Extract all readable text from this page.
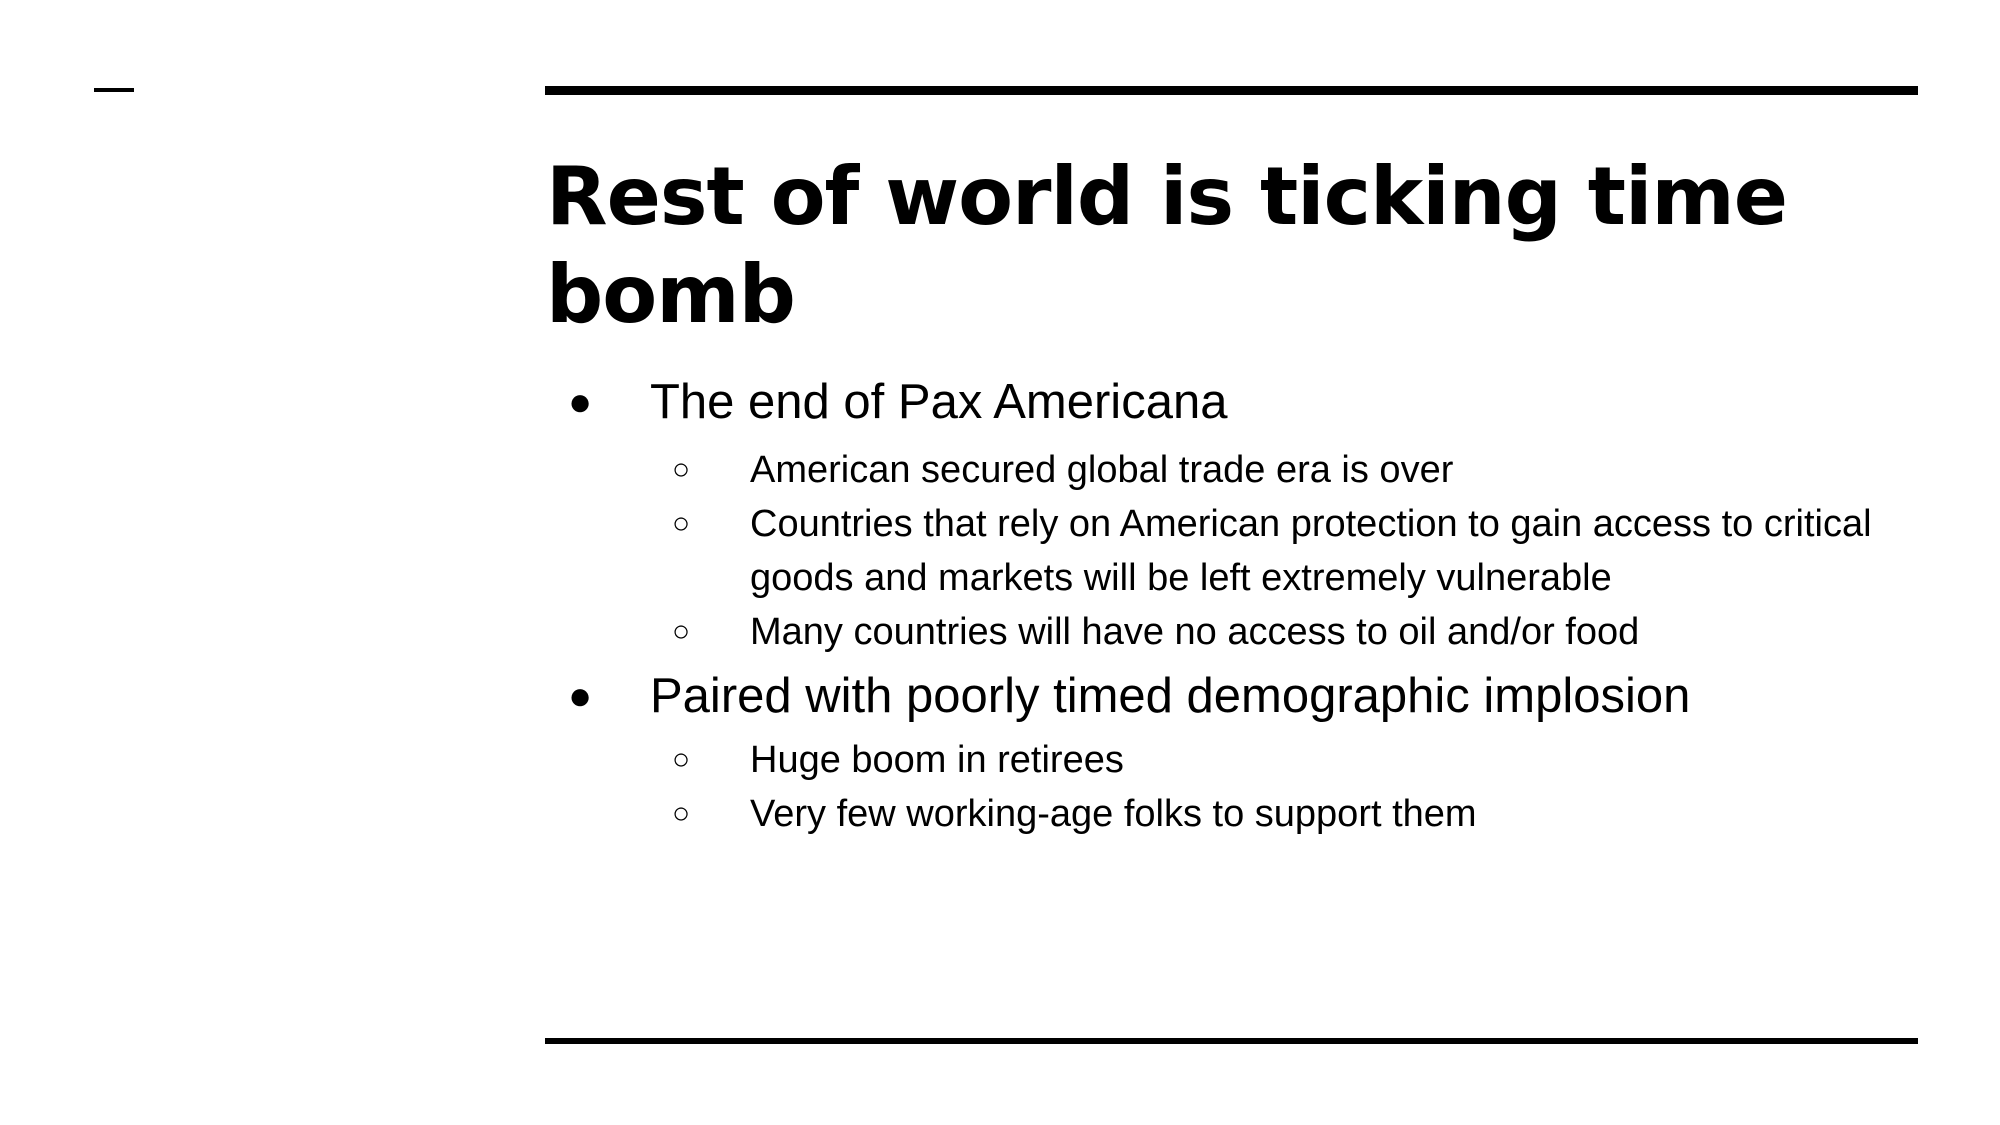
Rest of world is ticking time bomb
● The end of Pax Americana
○ American secured global trade era is over
○ Countries that rely on American protection to gain access to critical goods and markets will be left extremely vulnerable
○ Many countries will have no access to oil and/or food
● Paired with poorly timed demographic implosion
○ Huge boom in retirees
○ Very few working-age folks to support them
